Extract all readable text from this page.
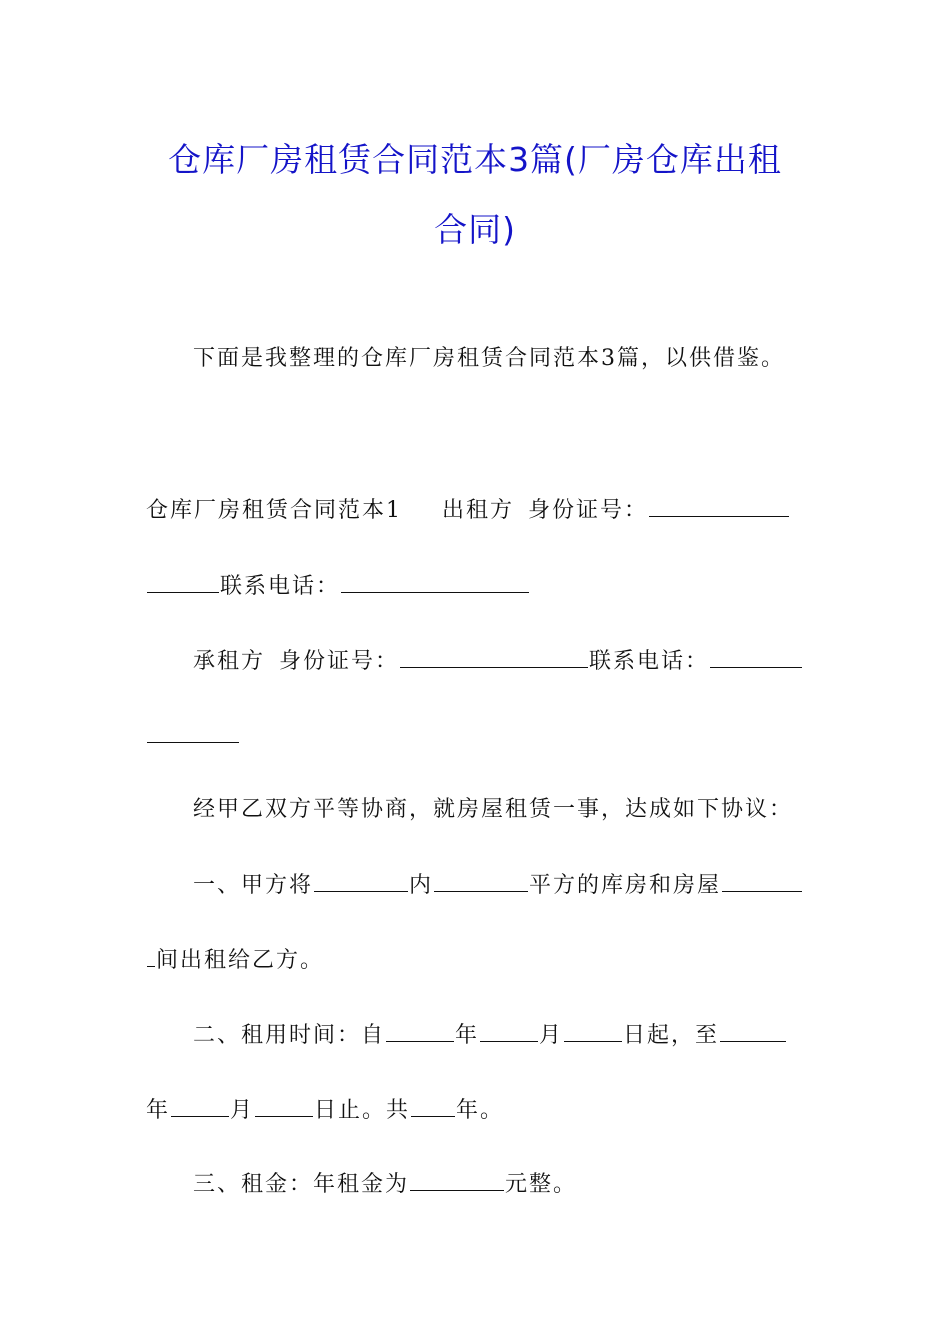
仓库厂房租赁合同范本3篇(厂房仓库出租
合同)
下面是我整理的仓库厂房租赁合同范本3篇，以供借鉴。
仓库厂房租赁合同范本1 出租方 身份证号：
联系电话：
承租方 身份证号：	联系电话：
经甲乙双方平等协商，就房屋租赁一事，达成如下协议：
一、甲方将	内	平方的库房和房屋
间出租给乙方。
二、租用时间：自	年	月	日起，至
年	月	日止。共 年。
三、租金：年租金为	元整。
